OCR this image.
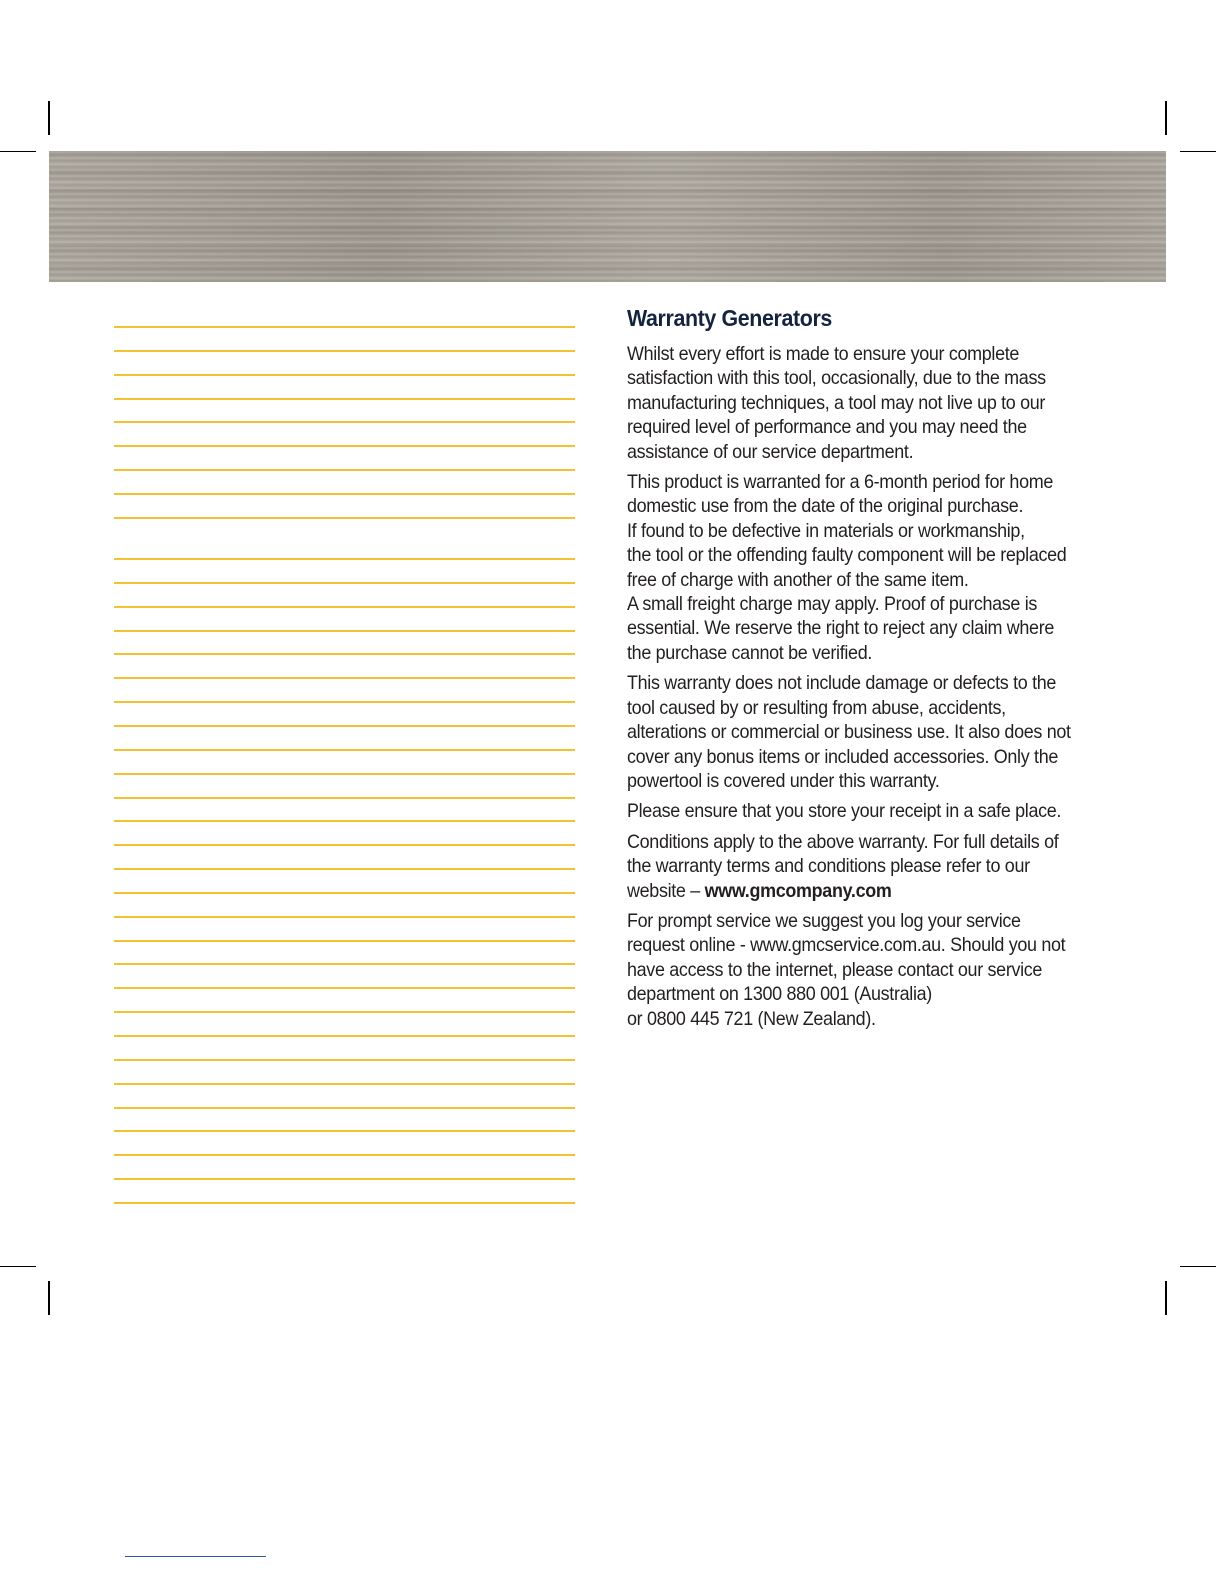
Warranty Generators
Whilst every effort is made to ensure your complete
satisfaction with this tool, occasionally, due to the mass
manufacturing techniques, a tool may not live up to our
required level of performance and you may need the
assistance of our service department.
This product is warranted for a 6-month period for home
domestic use from the date of the original purchase.
If found to be defective in materials or workmanship,
the tool or the offending faulty component will be replaced
free of charge with another of the same item.
A small freight charge may apply. Proof of purchase is
essential. We reserve the right to reject any claim where
the purchase cannot be verified.
This warranty does not include damage or defects to the
tool caused by or resulting from abuse, accidents,
alterations or commercial or business use. It also does not
cover any bonus items or included accessories. Only the
powertool is covered under this warranty.
Please ensure that you store your receipt in a safe place.
Conditions apply to the above warranty. For full details of
the warranty terms and conditions please refer to our
website – www.gmcompany.com
For prompt service we suggest you log your service
request online - www.gmcservice.com.au. Should you not
have access to the internet, please contact our service
department on 1300 880 001 (Australia)
or 0800 445 721 (New Zealand).
